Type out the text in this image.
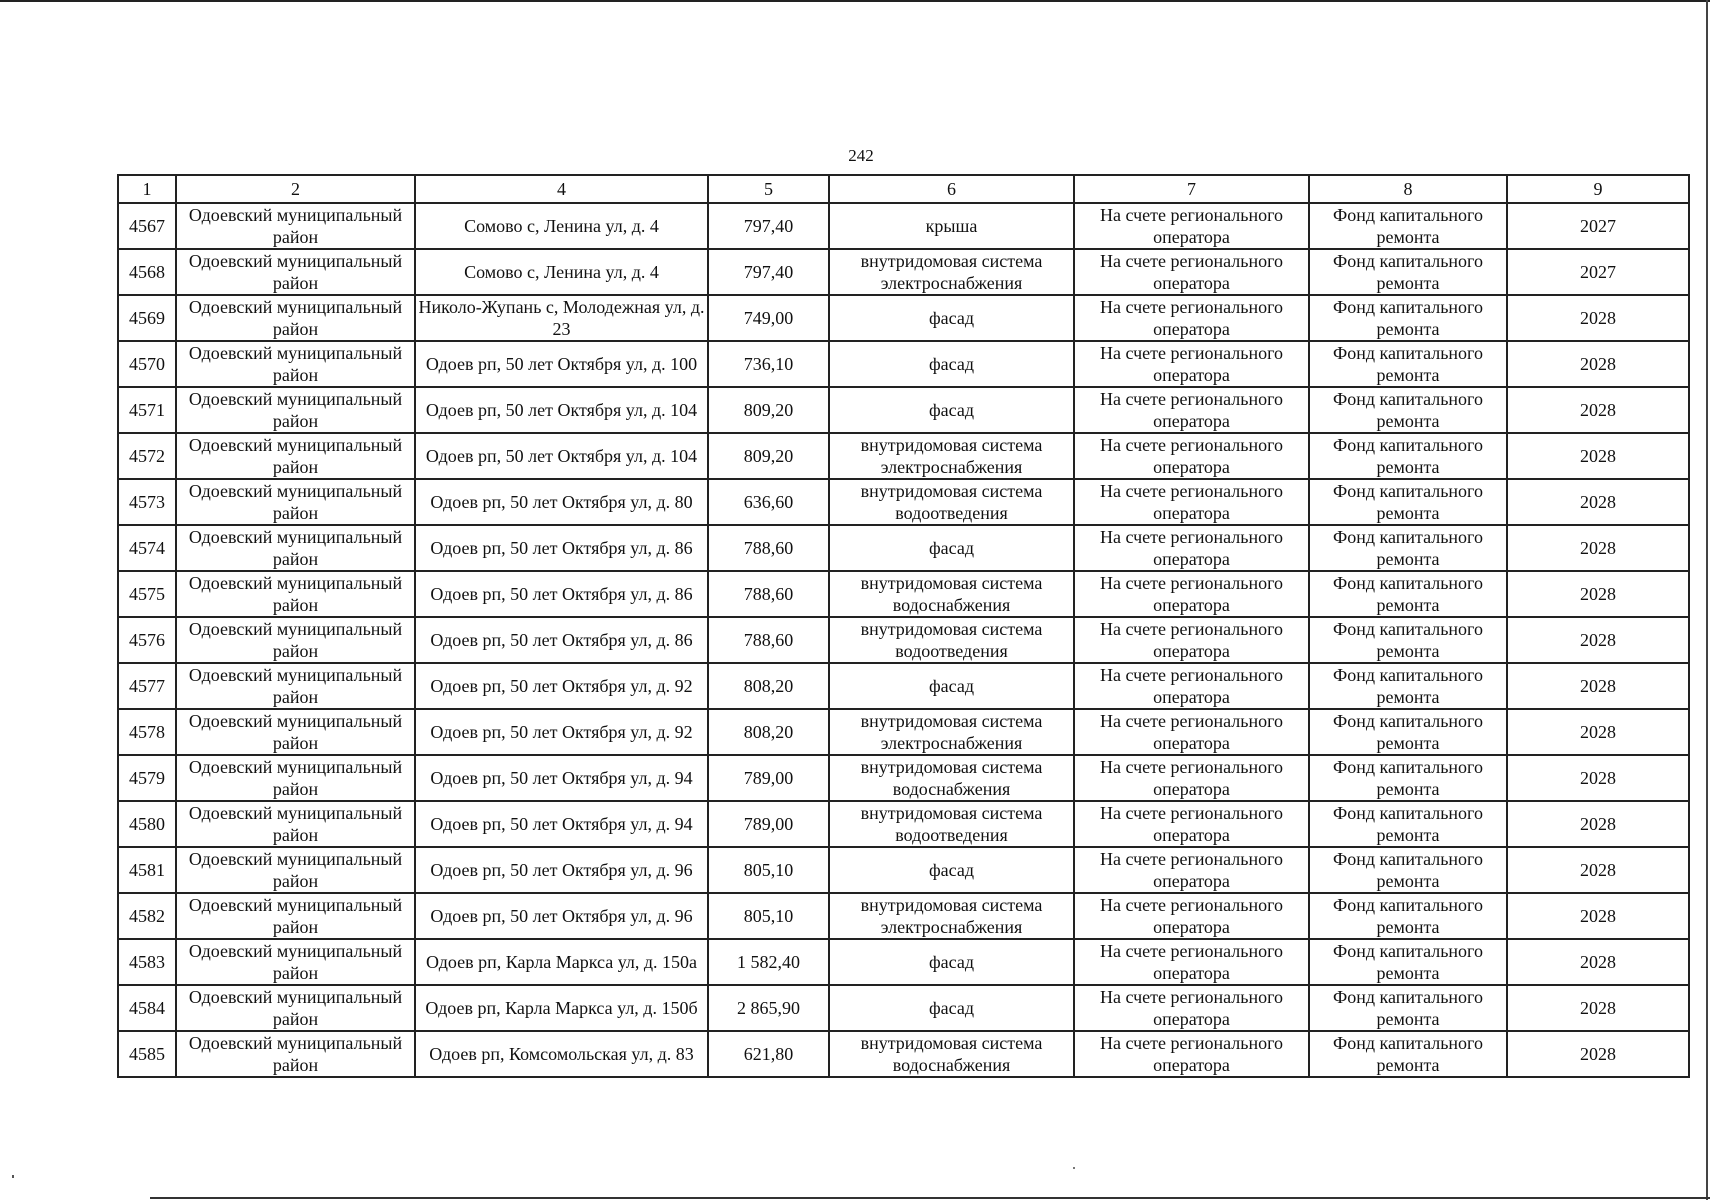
242
1	2	4	5	6	7	8	9
4567	Одоевский муниципальный район	Сомово с, Ленина ул, д. 4	797,40	крыша	На счете регионального оператора	Фонд капитального ремонта	2027
4568	Одоевский муниципальный район	Сомово с, Ленина ул, д. 4	797,40	внутридомовая система электроснабжения	На счете регионального оператора	Фонд капитального ремонта	2027
4569	Одоевский муниципальный район	Николо-Жупань с, Молодежная ул, д. 23	749,00	фасад	На счете регионального оператора	Фонд капитального ремонта	2028
4570	Одоевский муниципальный район	Одоев рп, 50 лет Октября ул, д. 100	736,10	фасад	На счете регионального оператора	Фонд капитального ремонта	2028
4571	Одоевский муниципальный район	Одоев рп, 50 лет Октября ул, д. 104	809,20	фасад	На счете регионального оператора	Фонд капитального ремонта	2028
4572	Одоевский муниципальный район	Одоев рп, 50 лет Октября ул, д. 104	809,20	внутридомовая система электроснабжения	На счете регионального оператора	Фонд капитального ремонта	2028
4573	Одоевский муниципальный район	Одоев рп, 50 лет Октября ул, д. 80	636,60	внутридомовая система водоотведения	На счете регионального оператора	Фонд капитального ремонта	2028
4574	Одоевский муниципальный район	Одоев рп, 50 лет Октября ул, д. 86	788,60	фасад	На счете регионального оператора	Фонд капитального ремонта	2028
4575	Одоевский муниципальный район	Одоев рп, 50 лет Октября ул, д. 86	788,60	внутридомовая система водоснабжения	На счете регионального оператора	Фонд капитального ремонта	2028
4576	Одоевский муниципальный район	Одоев рп, 50 лет Октября ул, д. 86	788,60	внутридомовая система водоотведения	На счете регионального оператора	Фонд капитального ремонта	2028
4577	Одоевский муниципальный район	Одоев рп, 50 лет Октября ул, д. 92	808,20	фасад	На счете регионального оператора	Фонд капитального ремонта	2028
4578	Одоевский муниципальный район	Одоев рп, 50 лет Октября ул, д. 92	808,20	внутридомовая система электроснабжения	На счете регионального оператора	Фонд капитального ремонта	2028
4579	Одоевский муниципальный район	Одоев рп, 50 лет Октября ул, д. 94	789,00	внутридомовая система водоснабжения	На счете регионального оператора	Фонд капитального ремонта	2028
4580	Одоевский муниципальный район	Одоев рп, 50 лет Октября ул, д. 94	789,00	внутридомовая система водоотведения	На счете регионального оператора	Фонд капитального ремонта	2028
4581	Одоевский муниципальный район	Одоев рп, 50 лет Октября ул, д. 96	805,10	фасад	На счете регионального оператора	Фонд капитального ремонта	2028
4582	Одоевский муниципальный район	Одоев рп, 50 лет Октября ул, д. 96	805,10	внутридомовая система электроснабжения	На счете регионального оператора	Фонд капитального ремонта	2028
4583	Одоевский муниципальный район	Одоев рп, Карла Маркса ул, д. 150а	1 582,40	фасад	На счете регионального оператора	Фонд капитального ремонта	2028
4584	Одоевский муниципальный район	Одоев рп, Карла Маркса ул, д. 150б	2 865,90	фасад	На счете регионального оператора	Фонд капитального ремонта	2028
4585	Одоевский муниципальный район	Одоев рп, Комсомольская ул, д. 83	621,80	внутридомовая система водоснабжения	На счете регионального оператора	Фонд капитального ремонта	2028
